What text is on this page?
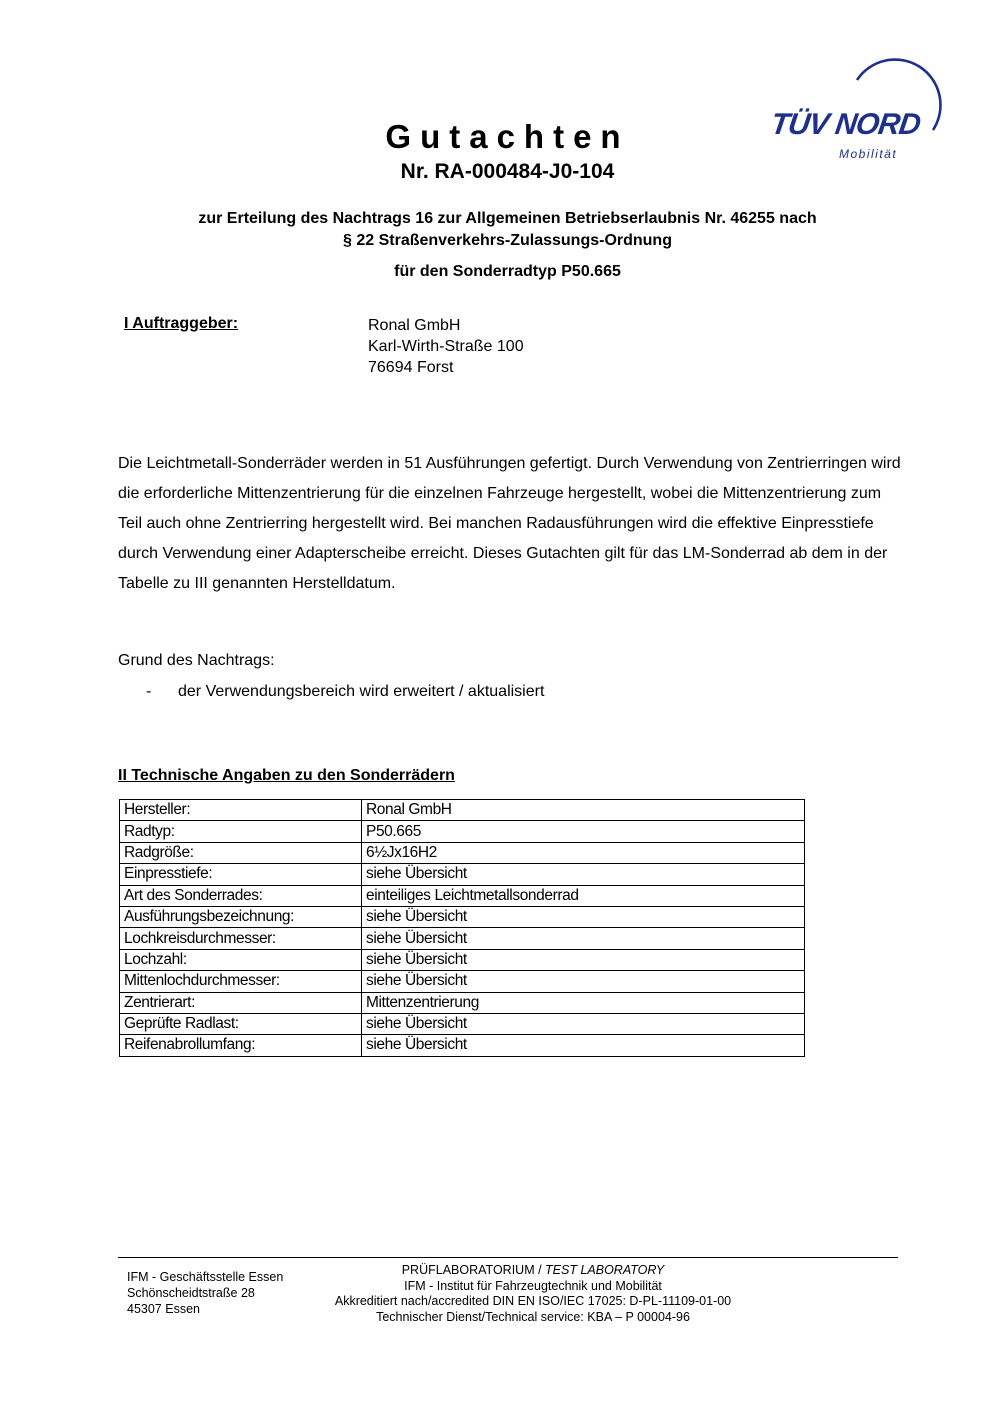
Gutachten
Nr. RA-000484-J0-104
TÜV NORD
Mobilität
zur Erteilung des Nachtrags 16 zur Allgemeinen Betriebserlaubnis Nr. 46255 nach
§ 22 Straßenverkehrs-Zulassungs-Ordnung
für den Sonderradtyp P50.665
I Auftraggeber:	Ronal GmbH
Karl-Wirth-Straße 100
76694 Forst
Die Leichtmetall-Sonderräder werden in 51 Ausführungen gefertigt. Durch Verwendung von Zentrierringen wird die erforderliche Mittenzentrierung für die einzelnen Fahrzeuge hergestellt, wobei die Mittenzentrierung zum Teil auch ohne Zentrierring hergestellt wird. Bei manchen Radausführungen wird die effektive Einpresstiefe durch Verwendung einer Adapterscheibe erreicht. Dieses Gutachten gilt für das LM-Sonderrad ab dem in der Tabelle zu III genannten Herstelldatum.
Grund des Nachtrags:
- der Verwendungsbereich wird erweitert / aktualisiert
II Technische Angaben zu den Sonderrädern
Hersteller:	Ronal GmbH
Radtyp:	P50.665
Radgröße:	6½Jx16H2
Einpresstiefe:	siehe Übersicht
Art des Sonderrades:	einteiliges Leichtmetallsonderrad
Ausführungsbezeichnung:	siehe Übersicht
Lochkreisdurchmesser:	siehe Übersicht
Lochzahl:	siehe Übersicht
Mittenlochdurchmesser:	siehe Übersicht
Zentrierart:	Mittenzentrierung
Geprüfte Radlast:	siehe Übersicht
Reifenabrollumfang:	siehe Übersicht
IFM - Geschäftsstelle Essen
Schönscheidtstraße 28
45307 Essen
PRÜFLABORATORIUM / TEST LABORATORY
IFM - Institut für Fahrzeugtechnik und Mobilität
Akkreditiert nach/accredited DIN EN ISO/IEC 17025: D-PL-11109-01-00
Technischer Dienst/Technical service: KBA – P 00004-96
